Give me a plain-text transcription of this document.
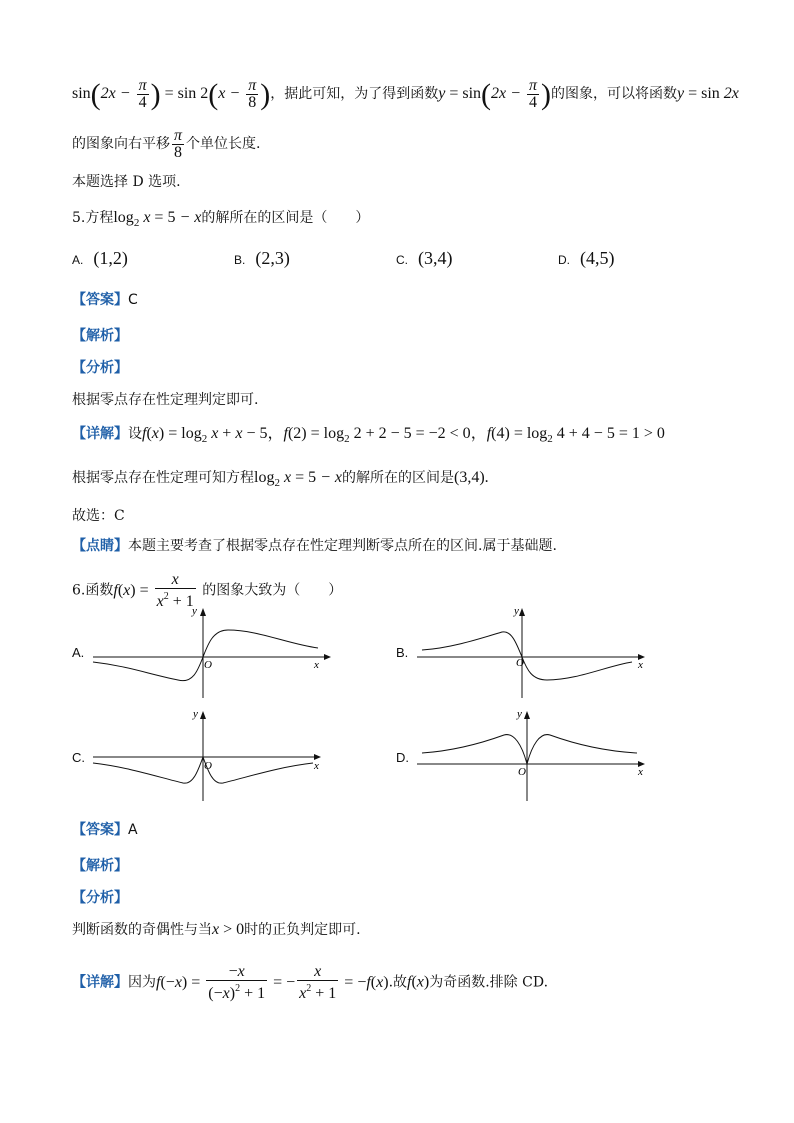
$\sin(2x - \frac{\pi}{4}$ ) = $\sin 2(x - \frac{\pi}{8}$ )，据此可知，为了得到函数$y = \sin(2x - \frac{\pi}{4}$ )的图象，可以将函数y = sin 2x
的图象向右平移 $\frac{\pi}{8}$ 个单位长度.
本题选择 D 选项.
5.方程$\log_2 x = 5 - x$的解所在的区间是（　　）
A. (1,2)	B. (2,3)	C. (3,4)	D. (4,5)
【答案】C
【解析】
【分析】
根据零点存在性定理判定即可.
【详解】设$f(x) = \log_2 x + x - 5$，$f(2) = \log_2 2 + 2 - 5 = -2 < 0$，$f(4) = \log_2 4 + 4 - 5 = 1 > 0$
根据零点存在性定理可知方程$\log_2 x = 5 - x$的解所在的区间是(3,4).
故选：C
【点睛】本题主要考查了根据零点存在性定理判断零点所在的区间.属于基础题.
6.函数$f(x) = \frac{x}{x^2 + 1}$ 的图象大致为（　　）
A.
y
x
O
B.
y
x
O
C.
y
x
O
D.
y
x
O
【答案】A
【解析】
【分析】
判断函数的奇偶性与当x > 0时的正负判定即可.
【详解】因为$f(-x) = \frac{-x}{(-x)^2 + 1}$ = − $\frac{x}{x^2 + 1} = -f(x)$.故f(x)为奇函数.排除 CD.
